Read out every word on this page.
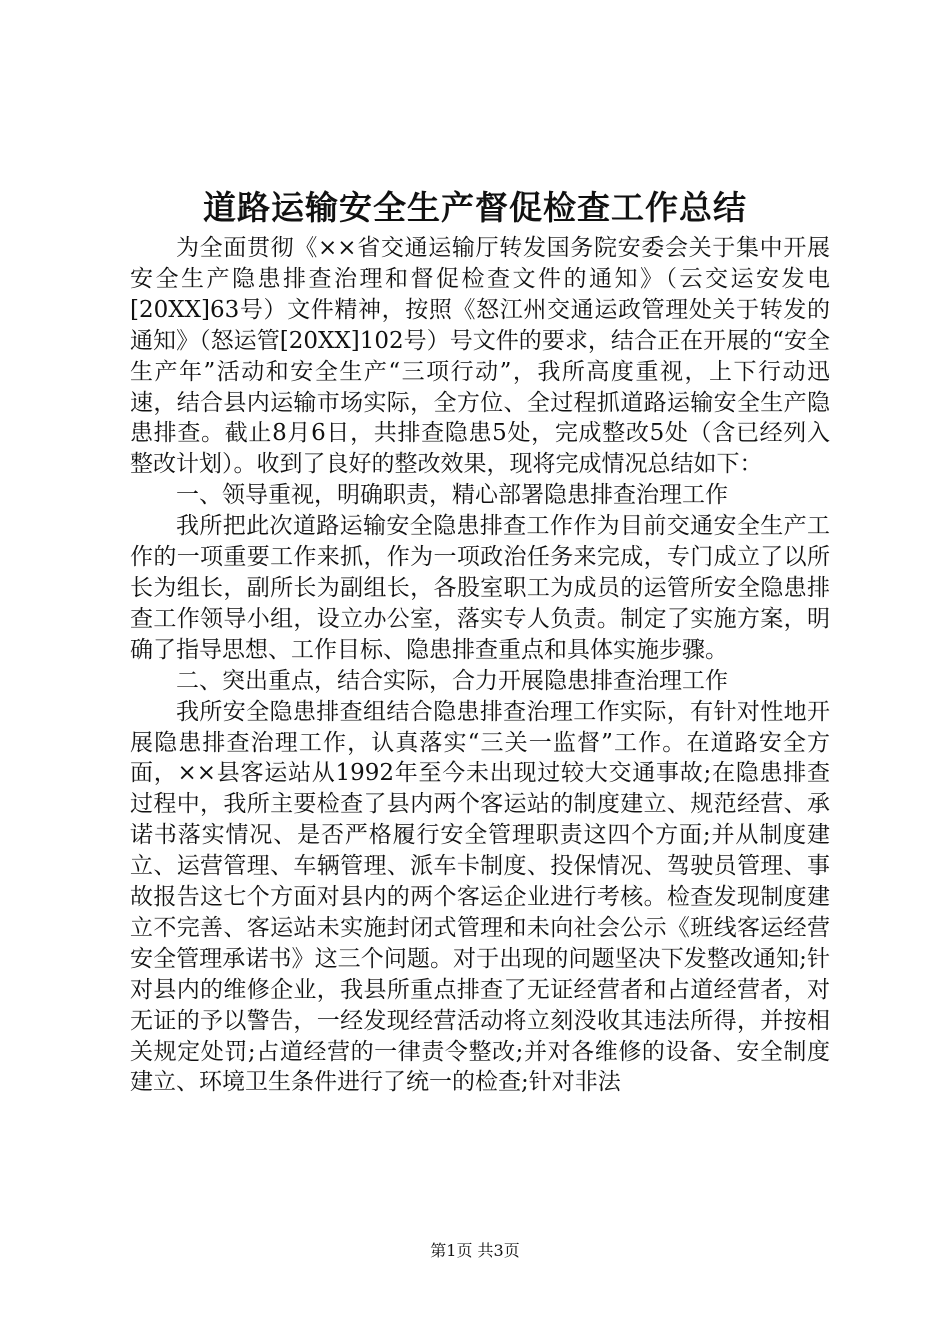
道路运输安全生产督促检查工作总结

为全面贯彻《××省交通运输厅转发国务院安委会关于集中开展安全生产隐患排查治理和督促检查文件的通知》（云交运安发电[20XX]63号）文件精神，按照《怒江州交通运政管理处关于转发的通知》（怒运管[20XX]102号）号文件的要求，结合正在开展的“安全生产年”活动和安全生产“三项行动”，我所高度重视，上下行动迅速，结合县内运输市场实际，全方位、全过程抓道路运输安全生产隐患排查。截止8月6日，共排查隐患5处，完成整改5处（含已经列入整改计划）。收到了良好的整改效果，现将完成情况总结如下：

一、领导重视，明确职责，精心部署隐患排查治理工作

我所把此次道路运输安全隐患排查工作作为目前交通安全生产工作的一项重要工作来抓，作为一项政治任务来完成，专门成立了以所长为组长，副所长为副组长，各股室职工为成员的运管所安全隐患排查工作领导小组，设立办公室，落实专人负责。制定了实施方案，明确了指导思想、工作目标、隐患排查重点和具体实施步骤。

二、突出重点，结合实际，合力开展隐患排查治理工作

我所安全隐患排查组结合隐患排查治理工作实际，有针对性地开展隐患排查治理工作，认真落实“三关一监督”工作。在道路安全方面，××县客运站从1992年至今未出现过较大交通事故;在隐患排查过程中，我所主要检查了县内两个客运站的制度建立、规范经营、承诺书落实情况、是否严格履行安全管理职责这四个方面;并从制度建立、运营管理、车辆管理、派车卡制度、投保情况、驾驶员管理、事故报告这七个方面对县内的两个客运企业进行考核。检查发现制度建立不完善、客运站未实施封闭式管理和未向社会公示《班线客运经营安全管理承诺书》这三个问题。对于出现的问题坚决下发整改通知;针对县内的维修企业，我县所重点排查了无证经营者和占道经营者，对无证的予以警告，一经发现经营活动将立刻没收其违法所得，并按相关规定处罚;占道经营的一律责令整改;并对各维修的设备、安全制度建立、环境卫生条件进行了统一的检查;针对非法

第1页 共3页
